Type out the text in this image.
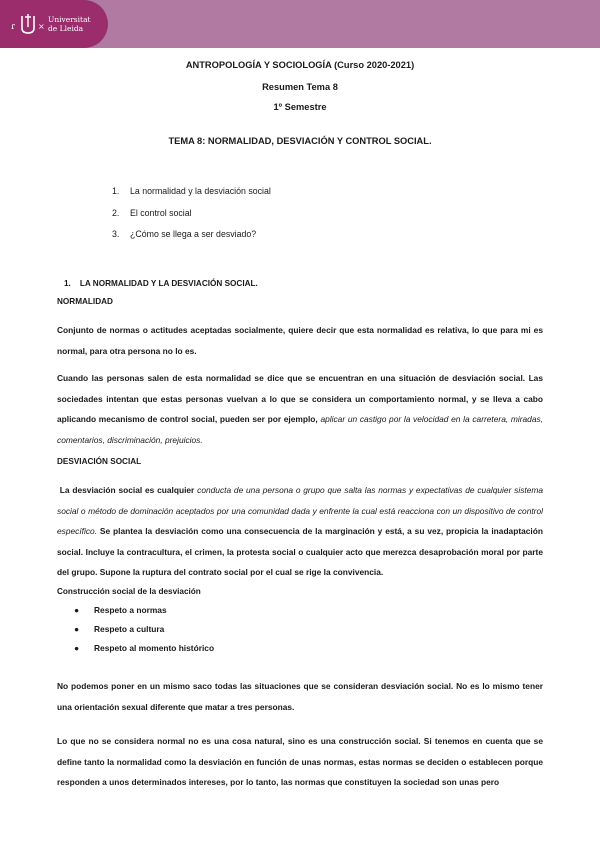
ɾ	×
Universitat
de Lleida
ANTROPOLOGÍA Y SOCIOLOGÍA (Curso 2020-2021)
Resumen Tema 8
1º Semestre
TEMA 8: NORMALIDAD, DESVIACIÓN Y CONTROL SOCIAL.
1. La normalidad y la desviación social
2. El control social
3. ¿Cómo se llega a ser desviado?
1.    LA NORMALIDAD Y LA DESVIACIÓN SOCIAL.
NORMALIDAD
Conjunto de normas o actitudes aceptadas socialmente, quiere decir que esta normalidad es relativa, lo que para mi es normal, para otra persona no lo es.
Cuando las personas salen de esta normalidad se dice que se encuentran en una situación de desviación social. Las sociedades intentan que estas personas vuelvan a lo que se considera un comportamiento normal, y se lleva a cabo aplicando mecanismo de control social, pueden ser por ejemplo, aplicar un castigo por la velocidad en la carretera, miradas, comentarios, discriminación, prejuicios.
DESVIACIÓN SOCIAL
La desviación social es cualquier conducta de una persona o grupo que salta las normas y expectativas de cualquier sistema social o método de dominación aceptados por una comunidad dada y enfrente la cual está reacciona con un dispositivo de control específico. Se plantea la desviación como una consecuencia de la marginación y está, a su vez, propicia la inadaptación social. Incluye la contracultura, el crimen, la protesta social o cualquier acto que merezca desaprobación moral por parte del grupo. Supone la ruptura del contrato social por el cual se rige la convivencia.
Construcción social de la desviación
● Respeto a normas
● Respeto a cultura
● Respeto al momento histórico
No podemos poner en un mismo saco todas las situaciones que se consideran desviación social. No es lo mismo tener una orientación sexual diferente que matar a tres personas.
Lo que no se considera normal no es una cosa natural, sino es una construcción social. Si tenemos en cuenta que se define tanto la normalidad como la desviación en función de unas normas, estas normas se deciden o establecen porque responden a unos determinados intereses, por lo tanto, las normas que constituyen la sociedad son unas pero
